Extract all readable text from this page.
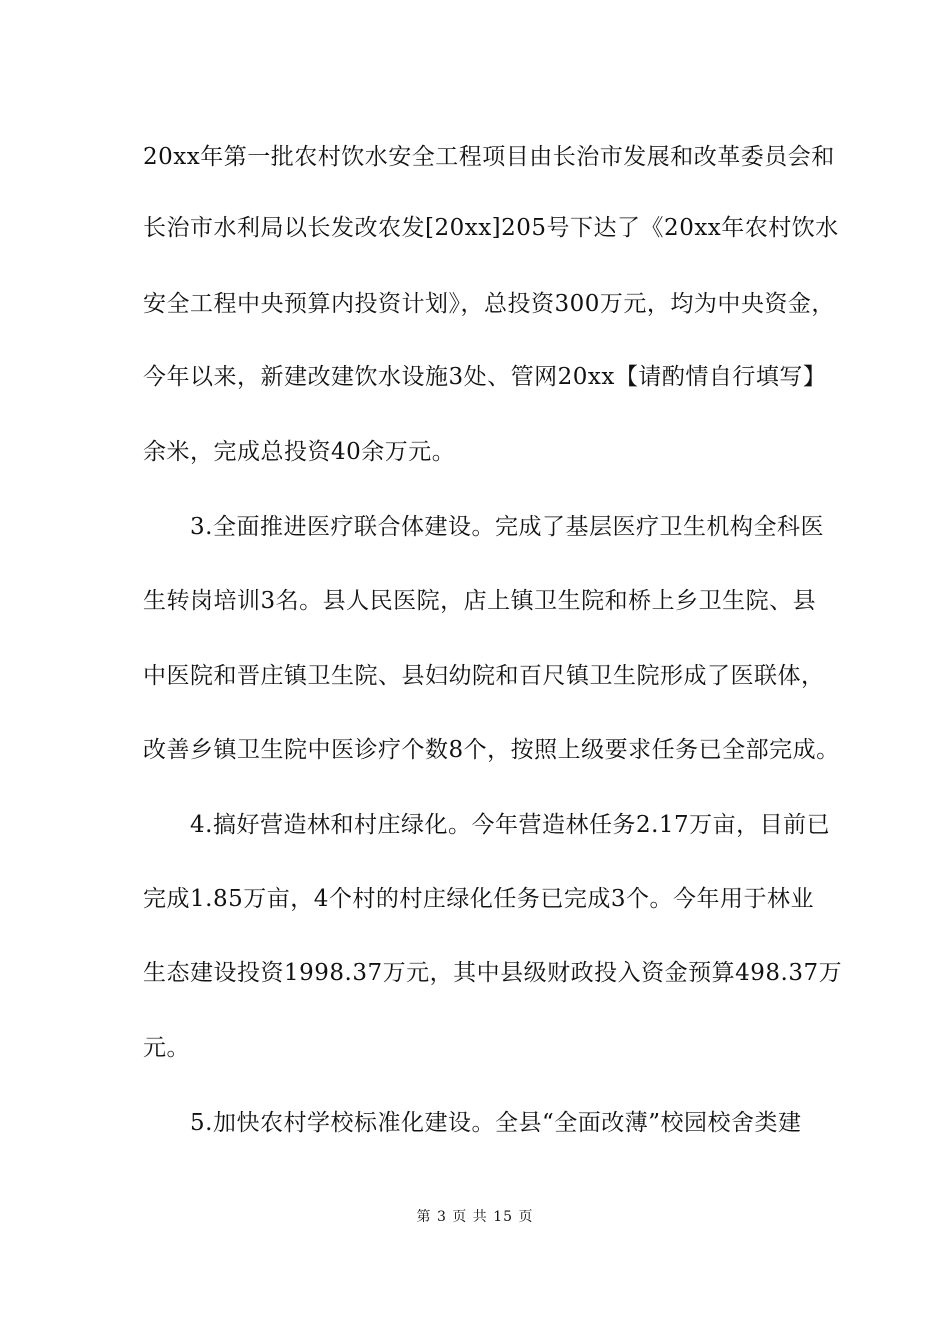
20xx年第一批农村饮水安全工程项目由长治市发展和改革委员会和
长治市水利局以长发改农发[20xx]205号下达了《20xx年农村饮水
安全工程中央预算内投资计划》，总投资300万元，均为中央资金，
今年以来，新建改建饮水设施3处、管网20xx【请酌情自行填写】
余米，完成总投资40余万元。
3.全面推进医疗联合体建设。完成了基层医疗卫生机构全科医
生转岗培训3名。县人民医院，店上镇卫生院和桥上乡卫生院、县
中医院和晋庄镇卫生院、县妇幼院和百尺镇卫生院形成了医联体，
改善乡镇卫生院中医诊疗个数8个，按照上级要求任务已全部完成。
4.搞好营造林和村庄绿化。今年营造林任务2.17万亩，目前已
完成1.85万亩，4个村的村庄绿化任务已完成3个。今年用于林业
生态建设投资1998.37万元，其中县级财政投入资金预算498.37万
元。
5.加快农村学校标准化建设。全县“全面改薄”校园校舍类建
第 3 页 共 15 页
